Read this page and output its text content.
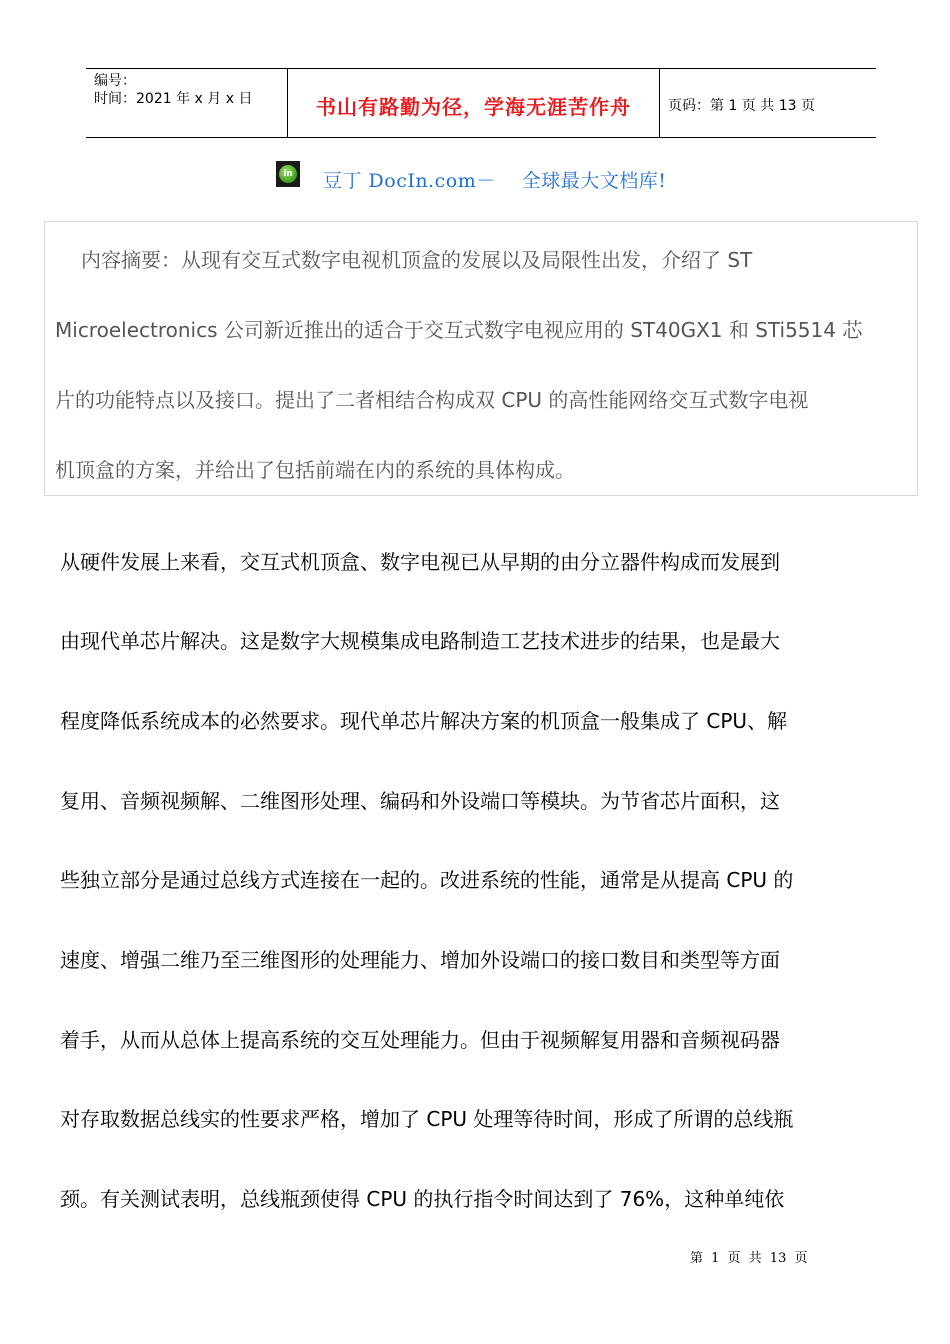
编号：
时间：2021 年 x 月 x 日	书山有路勤为径，学海无涯苦作舟	页码：第 1 页 共 13 页
in 豆丁 DocIn.com－ 全球最大文档库!
内容摘要：从现有交互式数字电视机顶盒的发展以及局限性出发，介绍了 ST
Microelectronics 公司新近推出的适合于交互式数字电视应用的 ST40GX1 和 STi5514 芯
片的功能特点以及接口。提出了二者相结合构成双 CPU 的高性能网络交互式数字电视
机顶盒的方案，并给出了包括前端在内的系统的具体构成。
从硬件发展上来看，交互式机顶盒、数字电视已从早期的由分立器件构成而发展到
由现代单芯片解决。这是数字大规模集成电路制造工艺技术进步的结果，也是最大
程度降低系统成本的必然要求。现代单芯片解决方案的机顶盒一般集成了 CPU、解
复用、音频视频解、二维图形处理、编码和外设端口等模块。为节省芯片面积，这
些独立部分是通过总线方式连接在一起的。改进系统的性能，通常是从提高 CPU 的
速度、增强二维乃至三维图形的处理能力、增加外设端口的接口数目和类型等方面
着手，从而从总体上提高系统的交互处理能力。但由于视频解复用器和音频视码器
对存取数据总线实的性要求严格，增加了 CPU 处理等待时间，形成了所谓的总线瓶
颈。有关测试表明，总线瓶颈使得 CPU 的执行指令时间达到了 76%，这种单纯依
第 1 页 共 13 页
